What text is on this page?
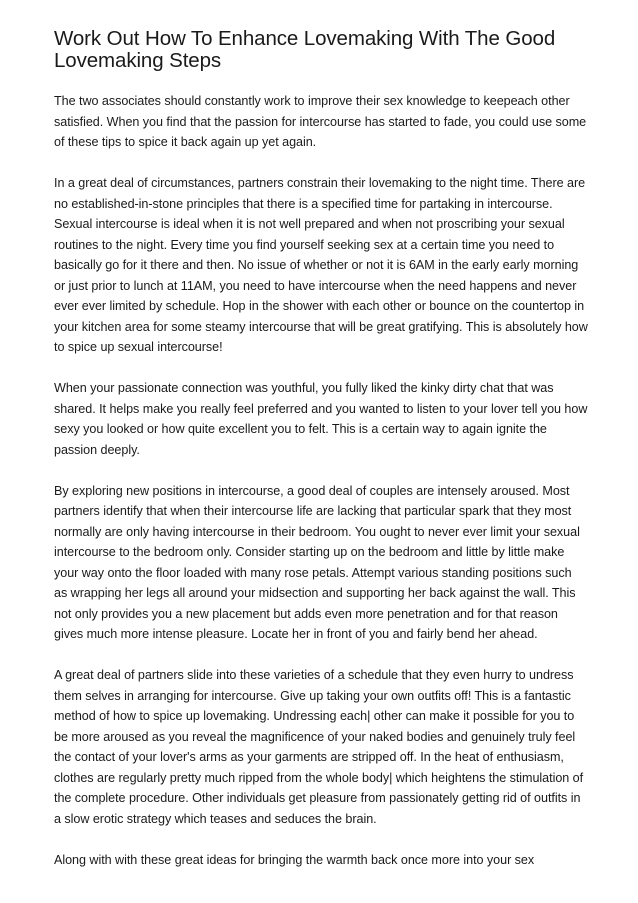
Work Out How To Enhance Lovemaking With The Good Lovemaking Steps

The two associates should constantly work to improve their sex knowledge to keepeach other satisfied. When you find that the passion for intercourse has started to fade, you could use some of these tips to spice it back again up yet again.

In a great deal of circumstances, partners constrain their lovemaking to the night time. There are no established-in-stone principles that there is a specified time for partaking in intercourse. Sexual intercourse is ideal when it is not well prepared and when not proscribing your sexual routines to the night. Every time you find yourself seeking sex at a certain time you need to basically go for it there and then. No issue of whether or not it is 6AM in the early early morning or just prior to lunch at 11AM, you need to have intercourse when the need happens and never ever ever limited by schedule. Hop in the shower with each other or bounce on the countertop in your kitchen area for some steamy intercourse that will be great gratifying. This is absolutely how to spice up sexual intercourse!

When your passionate connection was youthful, you fully liked the kinky dirty chat that was shared. It helps make you really feel preferred and you wanted to listen to your lover tell you how sexy you looked or how quite excellent you to felt. This is a certain way to again ignite the passion deeply.

By exploring new positions in intercourse, a good deal of couples are intensely aroused. Most partners identify that when their intercourse life are lacking that particular spark that they most normally are only having intercourse in their bedroom. You ought to never ever limit your sexual intercourse to the bedroom only. Consider starting up on the bedroom and little by little make your way onto the floor loaded with many rose petals. Attempt various standing positions such as wrapping her legs all around your midsection and supporting her back against the wall. This not only provides you a new placement but adds even more penetration and for that reason gives much more intense pleasure. Locate her in front of you and fairly bend her ahead.

A great deal of partners slide into these varieties of a schedule that they even hurry to undress them selves in arranging for intercourse. Give up taking your own outfits off! This is a fantastic method of how to spice up lovemaking. Undressing each| other can make it possible for you to be more aroused as you reveal the magnificence of your naked bodies and genuinely truly feel the contact of your lover's arms as your garments are stripped off. In the heat of enthusiasm, clothes are regularly pretty much ripped from the whole body| which heightens the stimulation of the complete procedure. Other individuals get pleasure from passionately getting rid of outfits in a slow erotic strategy which teases and seduces the brain.

Along with with these great ideas for bringing the warmth back once more into your sex
